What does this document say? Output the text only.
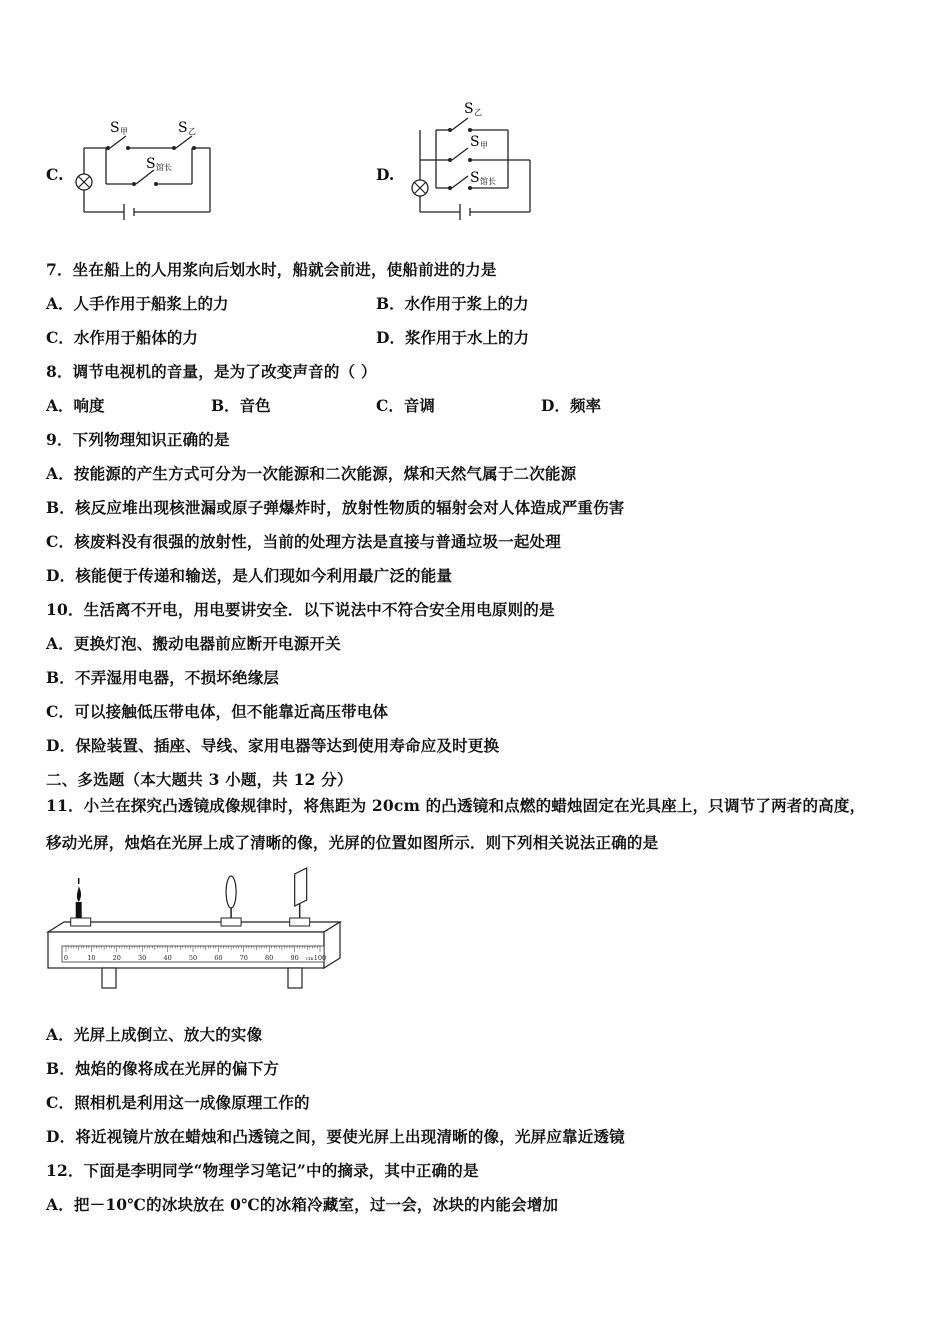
C.
S 甲	S 乙
S 馆长	D.
S 乙
S 甲
S 馆长
7．坐在船上的人用浆向后划水时，船就会前进，使船前进的力是
A．人手作用于船浆上的力	B．水作用于浆上的力
C．水作用于船体的力	D．浆作用于水上的力
8．调节电视机的音量，是为了改变声音的（ ）
A．响度	B．音色	C．音调	D．频率
9．下列物理知识正确的是
A．按能源的产生方式可分为一次能源和二次能源，煤和天然气属于二次能源
B．核反应堆出现核泄漏或原子弹爆炸时，放射性物质的辐射会对人体造成严重伤害
C．核废料没有很强的放射性，当前的处理方法是直接与普通垃圾一起处理
D．核能便于传递和输送，是人们现如今利用最广泛的能量
10．生活离不开电，用电要讲安全．以下说法中不符合安全用电原则的是
A．更换灯泡、搬动电器前应断开电源开关
B．不弄湿用电器，不损坏绝缘层
C．可以接触低压带电体，但不能靠近高压带电体
D．保险装置、插座、导线、家用电器等达到使用寿命应及时更换
二、多选题（本大题共 3 小题，共 12 分）
11．小兰在探究凸透镜成像规律时，将焦距为 20cm 的凸透镜和点燃的蜡烛固定在光具座上，只调节了两者的高度，
移动光屏，烛焰在光屏上成了清晰的像，光屏的位置如图所示．则下列相关说法正确的是
0	10	20	30	40	50	60	70	80	90 100
cm
A．光屏上成倒立、放大的实像
B．烛焰的像将成在光屏的偏下方
C．照相机是利用这一成像原理工作的
D．将近视镜片放在蜡烛和凸透镜之间，要使光屏上出现清晰的像，光屏应靠近透镜
12．下面是李明同学“物理学习笔记”中的摘录，其中正确的是
A．把－10℃的冰块放在 0℃的冰箱冷藏室，过一会，冰块的内能会增加
